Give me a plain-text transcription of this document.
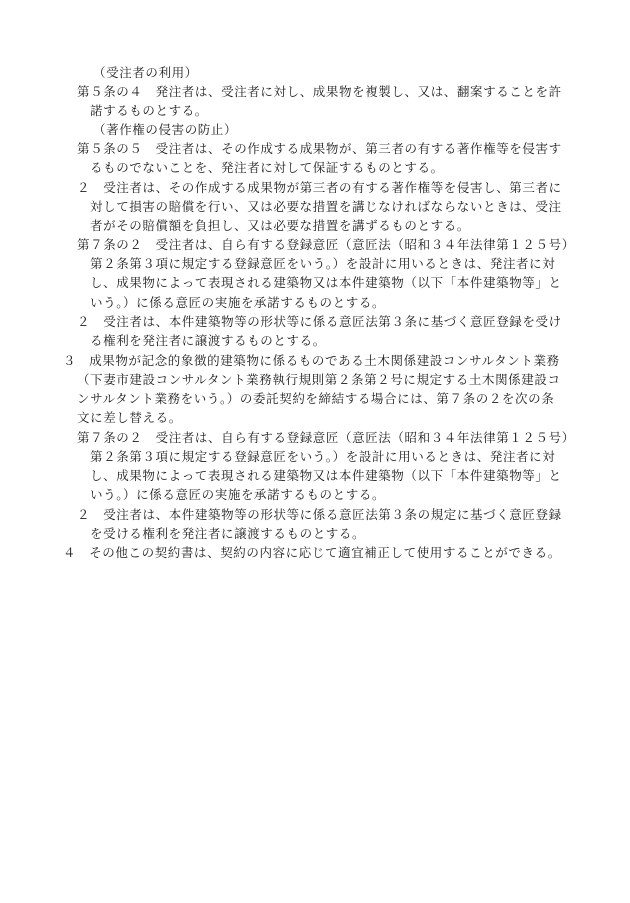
（受注者の利用）
第５条の４　発注者は、受注者に対し、成果物を複製し、又は、翻案することを許
諾するものとする。
（著作権の侵害の防止）
第５条の５　受注者は、その作成する成果物が、第三者の有する著作権等を侵害す
るものでないことを、発注者に対して保証するものとする。
２　受注者は、その作成する成果物が第三者の有する著作権等を侵害し、第三者に
対して損害の賠償を行い、又は必要な措置を講じなければならないときは、受注
者がその賠償額を負担し、又は必要な措置を講ずるものとする。
第７条の２　受注者は、自ら有する登録意匠（意匠法（昭和３４年法律第１２５号）
第２条第３項に規定する登録意匠をいう。）を設計に用いるときは、発注者に対
し、成果物によって表現される建築物又は本件建築物（以下「本件建築物等」と
いう。）に係る意匠の実施を承諾するものとする。
２　受注者は、本件建築物等の形状等に係る意匠法第３条に基づく意匠登録を受け
る権利を発注者に譲渡するものとする。
３　成果物が記念的象徴的建築物に係るものである土木関係建設コンサルタント業務
（下妻市建設コンサルタント業務執行規則第２条第２号に規定する土木関係建設コ
ンサルタント業務をいう。）の委託契約を締結する場合には、第７条の２を次の条
文に差し替える。
第７条の２　受注者は、自ら有する登録意匠（意匠法（昭和３４年法律第１２５号）
第２条第３項に規定する登録意匠をいう。）を設計に用いるときは、発注者に対
し、成果物によって表現される建築物又は本件建築物（以下「本件建築物等」と
いう。）に係る意匠の実施を承諾するものとする。
２　受注者は、本件建築物等の形状等に係る意匠法第３条の規定に基づく意匠登録
を受ける権利を発注者に譲渡するものとする。
４　その他この契約書は、契約の内容に応じて適宜補正して使用することができる。
